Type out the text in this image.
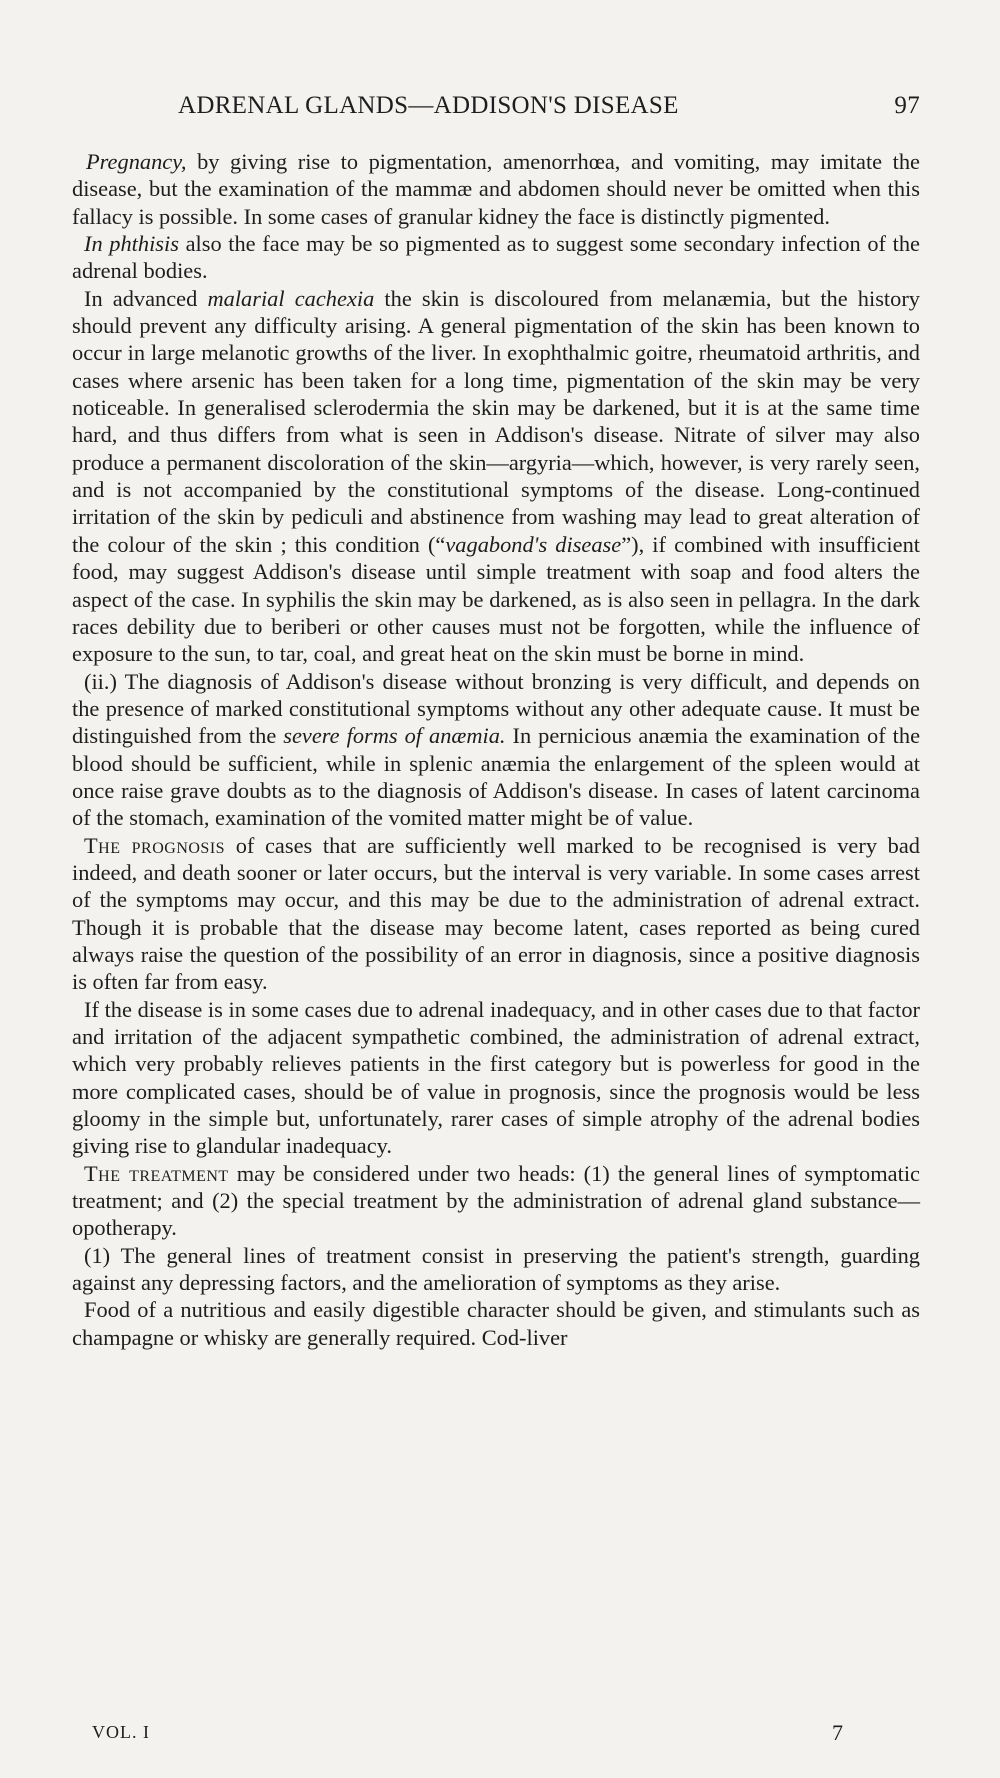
ADRENAL GLANDS—ADDISON'S DISEASE	97

Pregnancy, by giving rise to pigmentation, amenorrhœa, and vomiting, may imitate the disease, but the examination of the mammæ and abdomen should never be omitted when this fallacy is possible. In some cases of granular kidney the face is distinctly pigmented.

In phthisis also the face may be so pigmented as to suggest some secondary infection of the adrenal bodies.

In advanced malarial cachexia the skin is discoloured from melanæmia, but the history should prevent any difficulty arising. A general pigmentation of the skin has been known to occur in large melanotic growths of the liver. In exophthalmic goitre, rheumatoid arthritis, and cases where arsenic has been taken for a long time, pigmentation of the skin may be very noticeable. In generalised sclerodermia the skin may be darkened, but it is at the same time hard, and thus differs from what is seen in Addison's disease. Nitrate of silver may also produce a permanent discoloration of the skin—argyria—which, however, is very rarely seen, and is not accompanied by the constitutional symptoms of the disease. Long-continued irritation of the skin by pediculi and abstinence from washing may lead to great alteration of the colour of the skin ; this condition (“vagabond's disease”), if combined with insufficient food, may suggest Addison's disease until simple treatment with soap and food alters the aspect of the case. In syphilis the skin may be darkened, as is also seen in pellagra. In the dark races debility due to beriberi or other causes must not be forgotten, while the influence of exposure to the sun, to tar, coal, and great heat on the skin must be borne in mind.

(ii.) The diagnosis of Addison's disease without bronzing is very difficult, and depends on the presence of marked constitutional symptoms without any other adequate cause. It must be distinguished from the severe forms of anæmia. In pernicious anæmia the examination of the blood should be sufficient, while in splenic anæmia the enlargement of the spleen would at once raise grave doubts as to the diagnosis of Addison's disease. In cases of latent carcinoma of the stomach, examination of the vomited matter might be of value.

The prognosis of cases that are sufficiently well marked to be recognised is very bad indeed, and death sooner or later occurs, but the interval is very variable. In some cases arrest of the symptoms may occur, and this may be due to the administration of adrenal extract. Though it is probable that the disease may become latent, cases reported as being cured always raise the question of the possibility of an error in diagnosis, since a positive diagnosis is often far from easy.

If the disease is in some cases due to adrenal inadequacy, and in other cases due to that factor and irritation of the adjacent sympathetic combined, the administration of adrenal extract, which very probably relieves patients in the first category but is powerless for good in the more complicated cases, should be of value in prognosis, since the prognosis would be less gloomy in the simple but, unfortunately, rarer cases of simple atrophy of the adrenal bodies giving rise to glandular inadequacy.

The treatment may be considered under two heads: (1) the general lines of symptomatic treatment; and (2) the special treatment by the administration of adrenal gland substance—opotherapy.

(1) The general lines of treatment consist in preserving the patient's strength, guarding against any depressing factors, and the amelioration of symptoms as they arise.

Food of a nutritious and easily digestible character should be given, and stimulants such as champagne or whisky are generally required. Cod-liver

VOL. I	7
